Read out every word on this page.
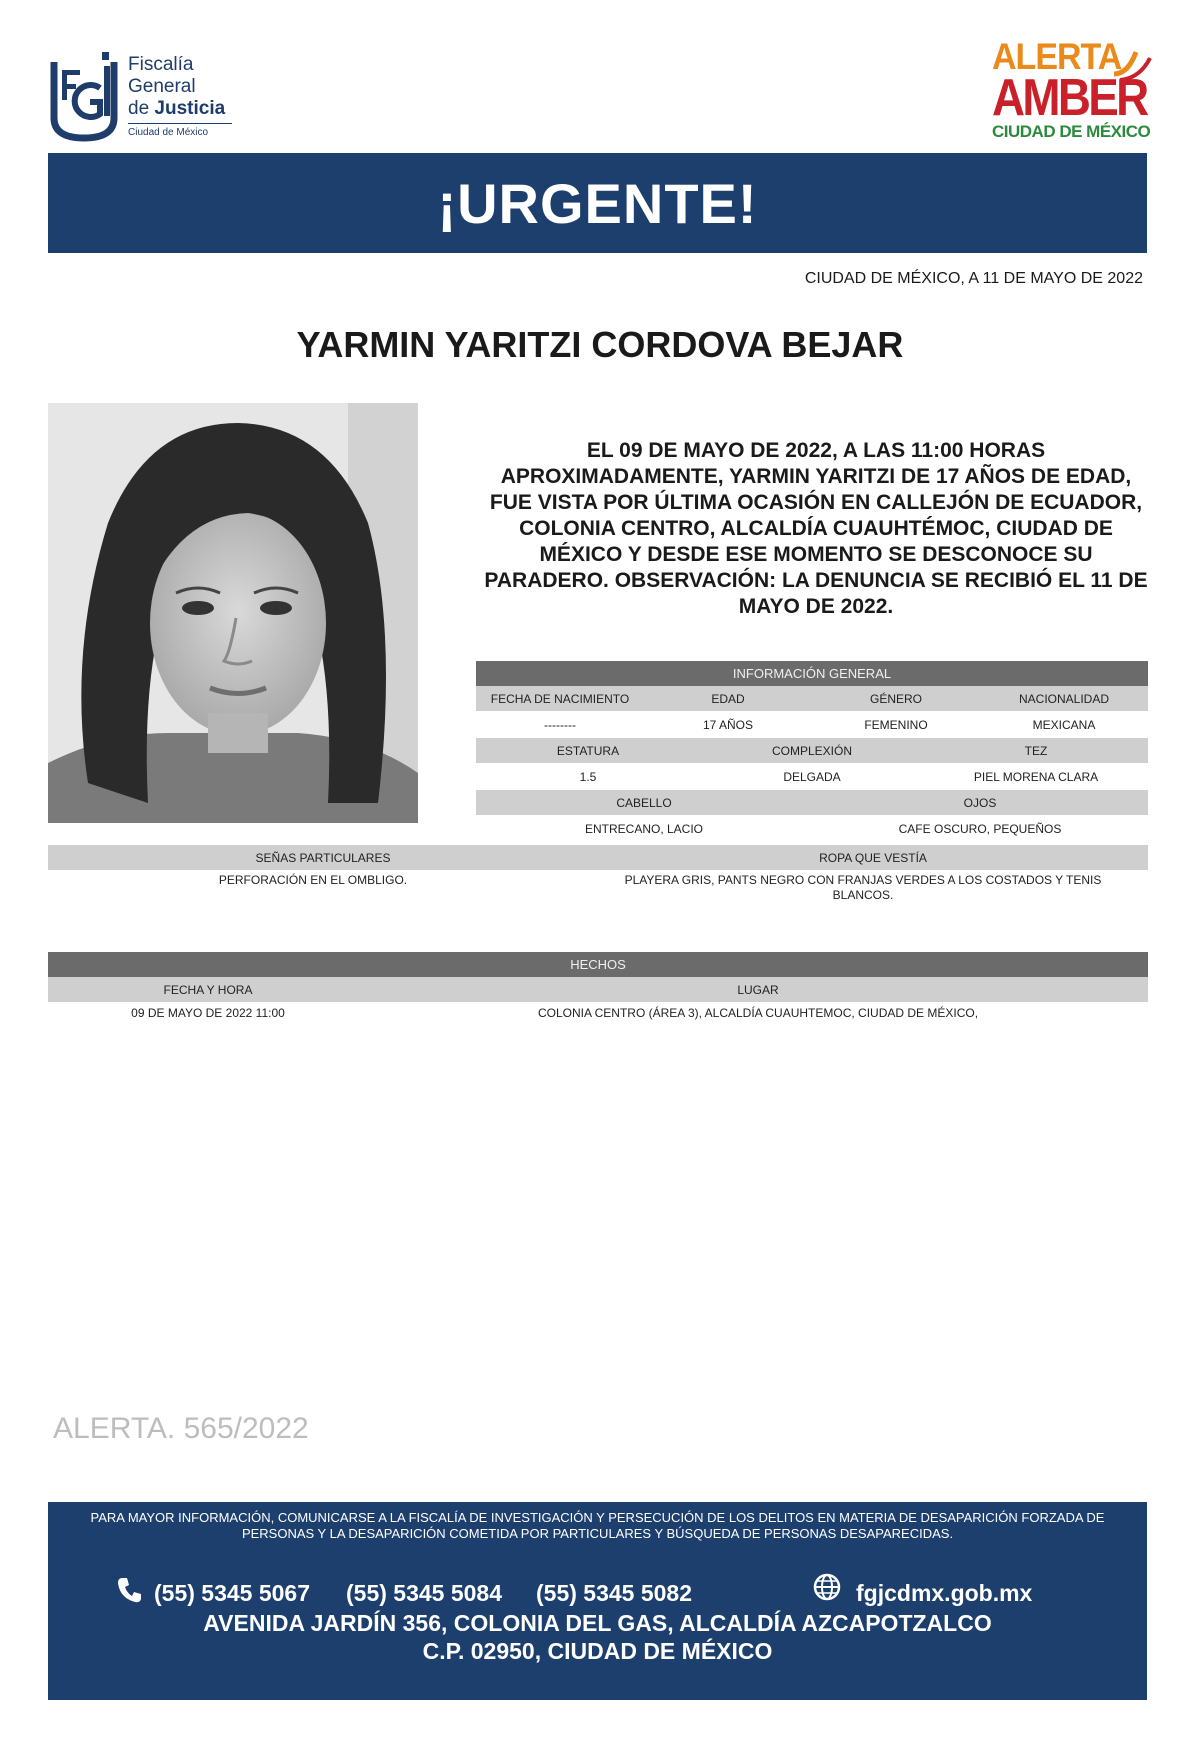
Fiscalía
General
de Justicia
Ciudad de México
ALERTA
AMBER
CIUDAD DE MÉXICO
¡URGENTE!
CIUDAD DE MÉXICO, A 11 DE MAYO DE 2022
YARMIN YARITZI CORDOVA BEJAR
EL 09 DE MAYO DE 2022, A LAS 11:00 HORAS APROXIMADAMENTE, YARMIN YARITZI DE 17 AÑOS DE EDAD, FUE VISTA POR ÚLTIMA OCASIÓN EN CALLEJÓN DE ECUADOR, COLONIA CENTRO, ALCALDÍA CUAUHTÉMOC, CIUDAD DE MÉXICO Y DESDE ESE MOMENTO SE DESCONOCE SU PARADERO. OBSERVACIÓN: LA DENUNCIA SE RECIBIÓ EL 11 DE MAYO DE 2022.
INFORMACIÓN GENERAL
FECHA DE NACIMIENTO	EDAD	GÉNERO	NACIONALIDAD
--------	17 AÑOS	FEMENINO	MEXICANA
ESTATURA	COMPLEXIÓN	TEZ
1.5	DELGADA	PIEL MORENA CLARA
CABELLO	OJOS
ENTRECANO, LACIO	CAFE OSCURO, PEQUEÑOS
SEÑAS PARTICULARES	ROPA QUE VESTÍA
PERFORACIÓN EN EL OMBLIGO.	PLAYERA GRIS, PANTS NEGRO CON FRANJAS VERDES A LOS COSTADOS Y TENIS BLANCOS.
HECHOS
FECHA Y HORA	LUGAR
09 DE MAYO DE 2022 11:00	COLONIA CENTRO (ÁREA 3), ALCALDÍA CUAUHTEMOC, CIUDAD DE MÉXICO,
ALERTA. 565/2022
PARA MAYOR INFORMACIÓN, COMUNICARSE A LA FISCALÍA DE INVESTIGACIÓN Y PERSECUCIÓN DE LOS DELITOS EN MATERIA DE DESAPARICIÓN FORZADA DE PERSONAS Y LA DESAPARICIÓN COMETIDA POR PARTICULARES Y BÚSQUEDA DE PERSONAS DESAPARECIDAS.
(55) 5345 5067 (55) 5345 5084 (55) 5345 5082	fgjcdmx.gob.mx
AVENIDA JARDÍN 356, COLONIA DEL GAS, ALCALDÍA AZCAPOTZALCO
C.P. 02950, CIUDAD DE MÉXICO
